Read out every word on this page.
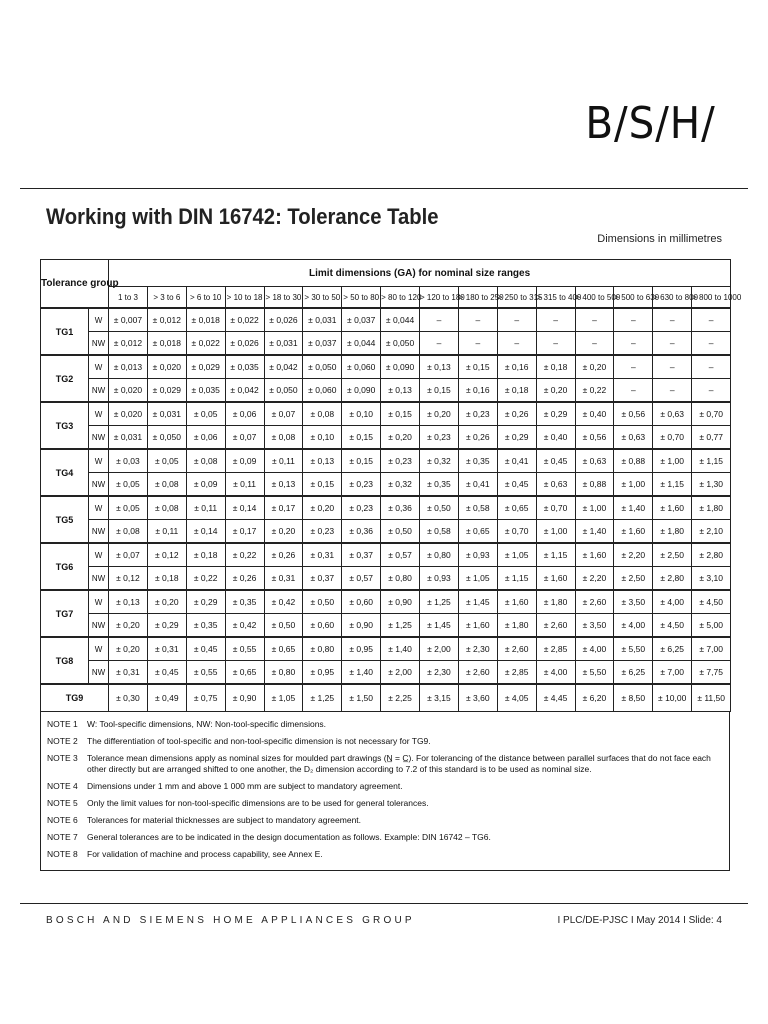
B/S/H/
Working with DIN 16742: Tolerance Table
Dimensions in millimetres
Tolerance group		Limit dimensions (GA) for nominal size ranges															
		1 to 3	> 3 to 6	> 6 to 10	> 10 to 18	> 18 to 30	> 30 to 50	> 50 to 80	> 80 to 120	> 120 to 180	> 180 to 250	> 250 to 315	> 315 to 400	> 400 to 500	> 500 to 630	> 630 to 800	> 800 to 1000
TG1	W	± 0,007	± 0,012	± 0,018	± 0,022	± 0,026	± 0,031	± 0,037	± 0,044	–	–	–	–	–	–	–	–
	NW	± 0,012	± 0,018	± 0,022	± 0,026	± 0,031	± 0,037	± 0,044	± 0,050	–	–	–	–	–	–	–	–
TG2	W	± 0,013	± 0,020	± 0,029	± 0,035	± 0,042	± 0,050	± 0,060	± 0,090	± 0,13	± 0,15	± 0,16	± 0,18	± 0,20	–	–	–
	NW	± 0,020	± 0,029	± 0,035	± 0,042	± 0,050	± 0,060	± 0,090	± 0,13	± 0,15	± 0,16	± 0,18	± 0,20	± 0,22	–	–	–
TG3	W	± 0,020	± 0,031	± 0,05	± 0,06	± 0,07	± 0,08	± 0,10	± 0,15	± 0,20	± 0,23	± 0,26	± 0,29	± 0,40	± 0,56	± 0,63	± 0,70
	NW	± 0,031	± 0,050	± 0,06	± 0,07	± 0,08	± 0,10	± 0,15	± 0,20	± 0,23	± 0,26	± 0,29	± 0,40	± 0,56	± 0,63	± 0,70	± 0,77
TG4	W	± 0,03	± 0,05	± 0,08	± 0,09	± 0,11	± 0,13	± 0,15	± 0,23	± 0,32	± 0,35	± 0,41	± 0,45	± 0,63	± 0,88	± 1,00	± 1,15
	NW	± 0,05	± 0,08	± 0,09	± 0,11	± 0,13	± 0,15	± 0,23	± 0,32	± 0,35	± 0,41	± 0,45	± 0,63	± 0,88	± 1,00	± 1,15	± 1,30
TG5	W	± 0,05	± 0,08	± 0,11	± 0,14	± 0,17	± 0,20	± 0,23	± 0,36	± 0,50	± 0,58	± 0,65	± 0,70	± 1,00	± 1,40	± 1,60	± 1,80
	NW	± 0,08	± 0,11	± 0,14	± 0,17	± 0,20	± 0,23	± 0,36	± 0,50	± 0,58	± 0,65	± 0,70	± 1,00	± 1,40	± 1,60	± 1,80	± 2,10
TG6	W	± 0,07	± 0,12	± 0,18	± 0,22	± 0,26	± 0,31	± 0,37	± 0,57	± 0,80	± 0,93	± 1,05	± 1,15	± 1,60	± 2,20	± 2,50	± 2,80
	NW	± 0,12	± 0,18	± 0,22	± 0,26	± 0,31	± 0,37	± 0,57	± 0,80	± 0,93	± 1,05	± 1,15	± 1,60	± 2,20	± 2,50	± 2,80	± 3,10
TG7	W	± 0,13	± 0,20	± 0,29	± 0,35	± 0,42	± 0,50	± 0,60	± 0,90	± 1,25	± 1,45	± 1,60	± 1,80	± 2,60	± 3,50	± 4,00	± 4,50
	NW	± 0,20	± 0,29	± 0,35	± 0,42	± 0,50	± 0,60	± 0,90	± 1,25	± 1,45	± 1,60	± 1,80	± 2,60	± 3,50	± 4,00	± 4,50	± 5,00
TG8	W	± 0,20	± 0,31	± 0,45	± 0,55	± 0,65	± 0,80	± 0,95	± 1,40	± 2,00	± 2,30	± 2,60	± 2,85	± 4,00	± 5,50	± 6,25	± 7,00
	NW	± 0,31	± 0,45	± 0,55	± 0,65	± 0,80	± 0,95	± 1,40	± 2,00	± 2,30	± 2,60	± 2,85	± 4,00	± 5,50	± 6,25	± 7,00	± 7,75
TG9		± 0,30	± 0,49	± 0,75	± 0,90	± 1,05	± 1,25	± 1,50	± 2,25	± 3,15	± 3,60	± 4,05	± 4,45	± 6,20	± 8,50	± 10,00	± 11,50
NOTE 1	W: Tool-specific dimensions, NW: Non-tool-specific dimensions.
NOTE 2	The differentiation of tool-specific and non-tool-specific dimension is not necessary for TG9.
NOTE 3	Tolerance mean dimensions apply as nominal sizes for moulded part drawings (N̲ = C̲). For tolerancing of the distance between parallel surfaces that do not face each other directly but are arranged shifted to one another, the D₂ dimension according to 7.2 of this standard is to be used as nominal size.
NOTE 4	Dimensions under 1 mm and above 1 000 mm are subject to mandatory agreement.
NOTE 5	Only the limit values for non-tool-specific dimensions are to be used for general tolerances.
NOTE 6	Tolerances for material thicknesses are subject to mandatory agreement.
NOTE 7	General tolerances are to be indicated in the design documentation as follows. Example: DIN 16742 – TG6.
NOTE 8	For validation of machine and process capability, see Annex E.
BOSCH AND SIEMENS HOME APPLIANCES GROUP	I PLC/DE-PJSC I May 2014 I Slide: 4
